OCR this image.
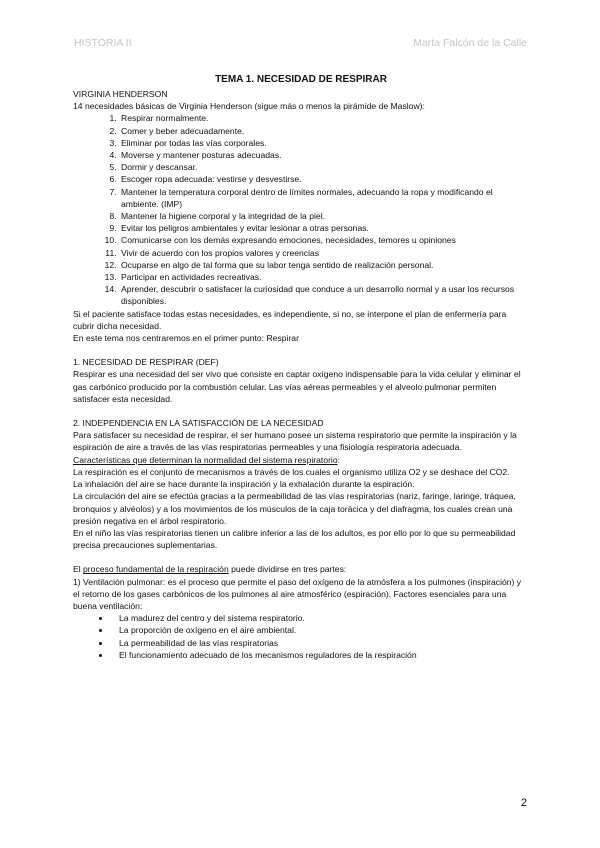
HISTORIA II	Marta Falcón de la Calle

TEMA 1. NECESIDAD DE RESPIRAR

VIRGINIA HENDERSON

14 necesidades básicas de Virginia Henderson (sigue más o menos la pirámide de Maslow):

1. Respirar normalmente.
2. Comer y beber adecuadamente.
3. Eliminar por todas las vías corporales.
4. Moverse y mantener posturas adecuadas.
5. Dormir y descansar.
6. Escoger ropa adecuada: vestirse y desvestirse.
7. Mantener la temperatura corporal dentro de límites normales, adecuando la ropa y modificando el ambiente. (IMP)
8. Mantener la higiene corporal y la integridad de la piel.
9. Evitar los peligros ambientales y evitar lesionar a otras personas.
10. Comunicarse con los demás expresando emociones, necesidades, temores u opiniones
11. Vivir de acuerdo con los propios valores y creencias
12. Ocuparse en algo de tal forma que su labor tenga sentido de realización personal.
13. Participar en actividades recreativas.
14. Aprender, descubrir o satisfacer la curiosidad que conduce a un desarrollo normal y a usar los recursos disponibles.

Si el paciente satisface todas estas necesidades, es independiente, si no, se interpone el plan de enfermería para cubrir dicha necesidad.

En este tema nos centraremos en el primer punto: Respirar

1. NECESIDAD DE RESPIRAR (DEF)

Respirar es una necesidad del ser vivo que consiste en captar oxígeno indispensable para la vida celular y eliminar el gas carbónico producido por la combustión celular. Las vías aéreas permeables y el alveolo pulmonar permiten satisfacer esta necesidad.

2. INDEPENDENCIA EN LA SATISFACCIÓN DE LA NECESIDAD

Para satisfacer su necesidad de respirar, el ser humano posee un sistema respiratorio que permite la inspiración y la espiración de aire a través de las vías respiratorias permeables y una fisiología respiratoria adecuada.

Características que determinan la normalidad del sistema respiratorio:

La respiración es el conjunto de mecanismos a través de los cuales el organismo utiliza O2 y se deshace del CO2.

La inhalación del aire se hace durante la inspiración y la exhalación durante la espiración.

La circulación del aire se efectúa gracias a la permeabilidad de las vías respiratorias (nariz, faringe, laringe, tráquea, bronquios y alvéolos) y a los movimientos de los músculos de la caja torácica y del diafragma, los cuales crean una presión negativa en el árbol respiratorio.

En el niño las vías respiratorias tienen un calibre inferior a las de los adultos, es por ello por lo que su permeabilidad precisa precauciones suplementarias.

El proceso fundamental de la respiración puede dividirse en tres partes:

1) Ventilación pulmonar: es el proceso que permite el paso del oxígeno de la atmósfera a los pulmones (inspiración) y el retorno de los gases carbónicos de los pulmones al aire atmosférico (espiración). Factores esenciales para una buena ventilación:

• La madurez del centro y del sistema respiratorio.
• La proporción de oxígeno en el aire ambiental.
• La permeabilidad de las vías respiratorias
• El funcionamiento adecuado de los mecanismos reguladores de la respiración
2
